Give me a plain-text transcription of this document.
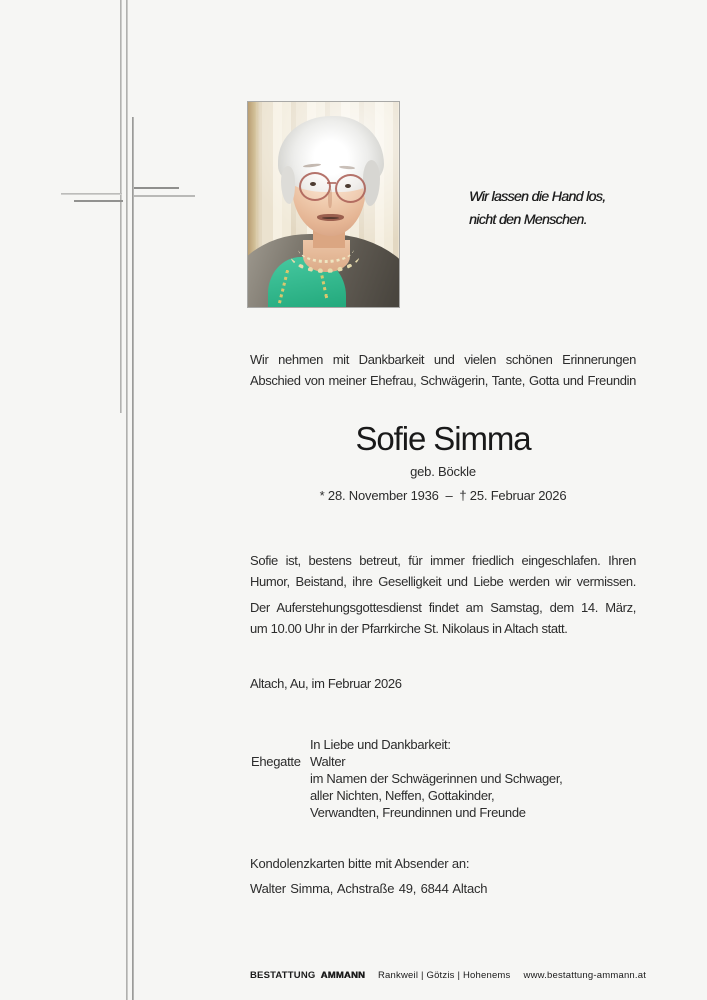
Wir lassen die Hand los,
nicht den Menschen.
Wir nehmen mit Dankbarkeit und vielen schönen Erinnerungen
Abschied von meiner Ehefrau, Schwägerin, Tante, Gotta und Freundin
Sofie Simma
geb. Böckle
* 28. November 1936  –  † 25. Februar 2026
Sofie ist, bestens betreut, für immer friedlich eingeschlafen. Ihren
Humor, Beistand, ihre Geselligkeit und Liebe werden wir vermissen.
Der Auferstehungsgottesdienst findet am Samstag, dem 14. März,
um 10.00 Uhr in der Pfarrkirche St. Nikolaus in Altach statt.
Altach, Au, im Februar 2026
In Liebe und Dankbarkeit:
Ehegatte Walter
im Namen der Schwägerinnen und Schwager,
aller Nichten, Neffen, Gottakinder,
Verwandten, Freundinnen und Freunde
Kondolenzkarten bitte mit Absender an:
Walter Simma, Achstraße 49, 6844 Altach
BESTATTUNG AMMANN Rankweil | Götzis | Hohenems www.bestattung-ammann.at
